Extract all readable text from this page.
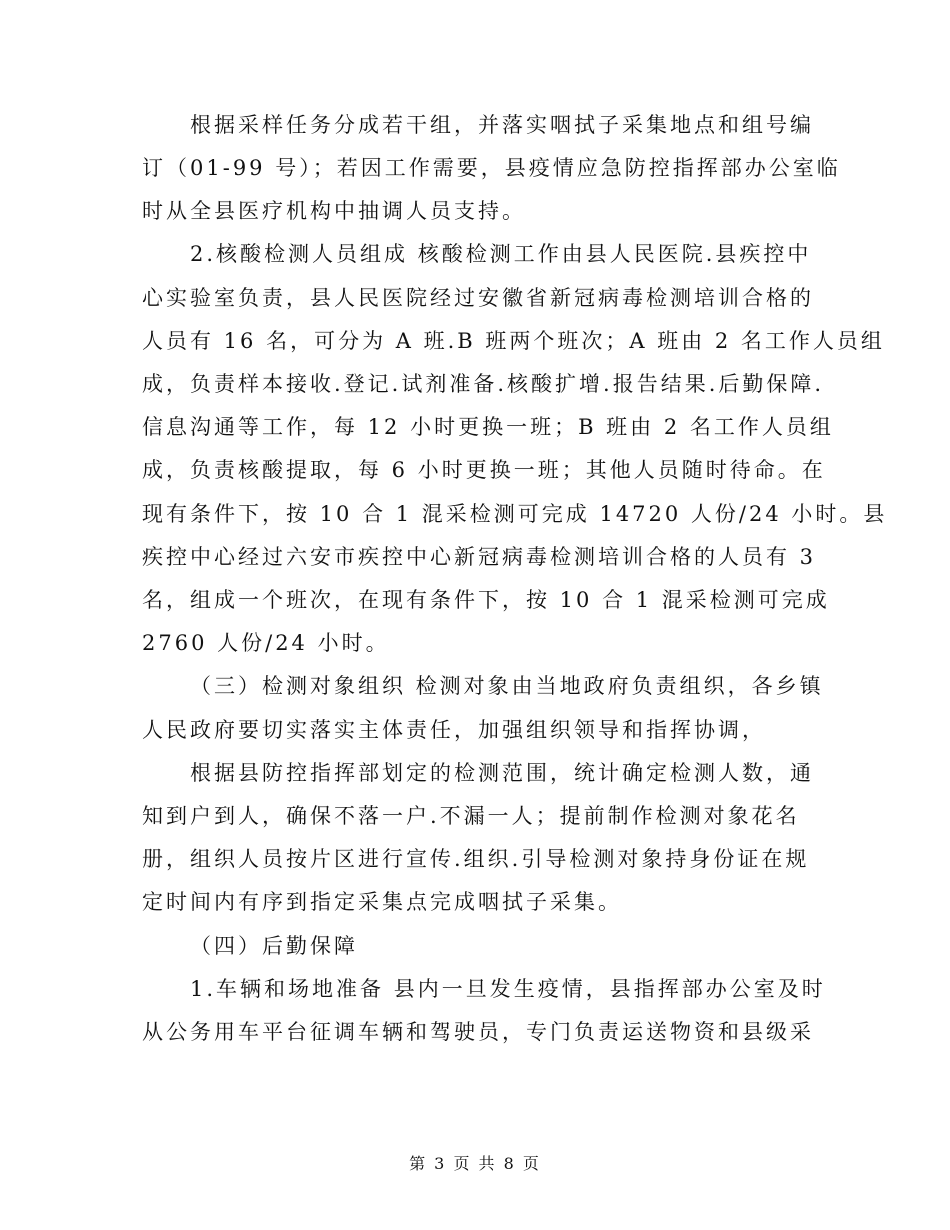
根据采样任务分成若干组，并落实咽拭子采集地点和组号编
订（01-99 号）；若因工作需要，县疫情应急防控指挥部办公室临
时从全县医疗机构中抽调人员支持。
2.核酸检测人员组成 核酸检测工作由县人民医院.县疾控中
心实验室负责，县人民医院经过安徽省新冠病毒检测培训合格的
人员有 16 名，可分为 A 班.B 班两个班次；A 班由 2 名工作人员组
成，负责样本接收.登记.试剂准备.核酸扩增.报告结果.后勤保障.
信息沟通等工作，每 12 小时更换一班；B 班由 2 名工作人员组
成，负责核酸提取，每 6 小时更换一班；其他人员随时待命。在
现有条件下，按 10 合 1 混采检测可完成 14720 人份/24 小时。县
疾控中心经过六安市疾控中心新冠病毒检测培训合格的人员有 3
名，组成一个班次，在现有条件下，按 10 合 1 混采检测可完成
2760 人份/24 小时。
（三）检测对象组织 检测对象由当地政府负责组织，各乡镇
人民政府要切实落实主体责任，加强组织领导和指挥协调，
根据县防控指挥部划定的检测范围，统计确定检测人数，通
知到户到人，确保不落一户.不漏一人；提前制作检测对象花名
册，组织人员按片区进行宣传.组织.引导检测对象持身份证在规
定时间内有序到指定采集点完成咽拭子采集。
（四）后勤保障
1.车辆和场地准备 县内一旦发生疫情，县指挥部办公室及时
从公务用车平台征调车辆和驾驶员，专门负责运送物资和县级采
第 3 页 共 8 页
